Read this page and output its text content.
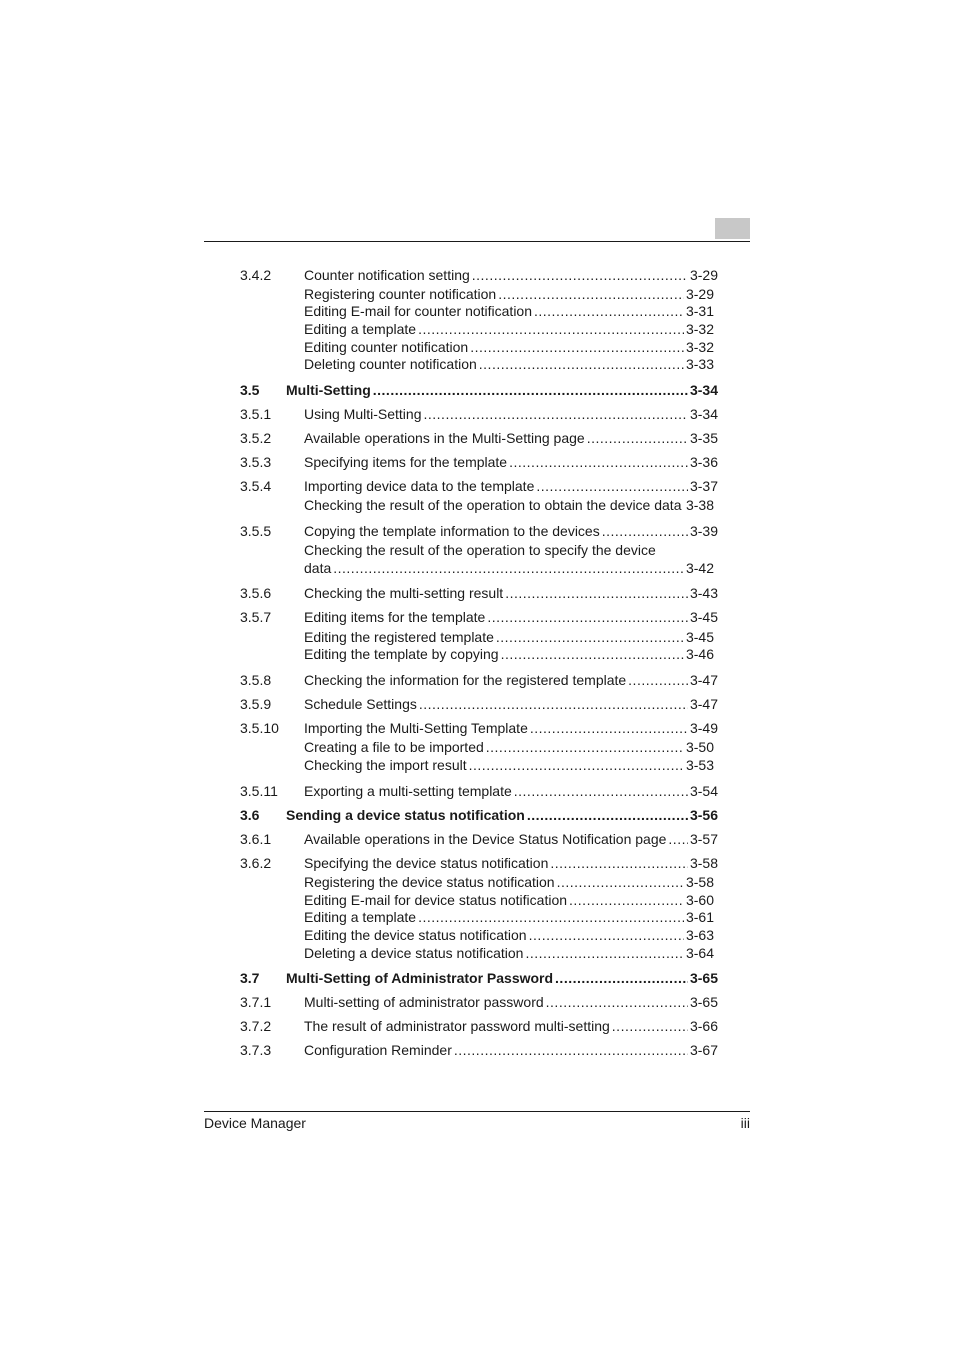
3.4.2 Counter notification setting .....	3-29
Registering counter notification .....	3-29
Editing E-mail for counter notification .....	3-31
Editing a template .....	3-32
Editing counter notification .....	3-32
Deleting counter notification .....	3-33
3.5 Multi-Setting .....	3-34
3.5.1 Using Multi-Setting .....	3-34
3.5.2 Available operations in the Multi-Setting page .....	3-35
3.5.3 Specifying items for the template .....	3-36
3.5.4 Importing device data to the template .....	3-37
Checking the result of the operation to obtain the device data ..... 3-38
3.5.5 Copying the template information to the devices .....	3-39
Checking the result of the operation to specify the device
data .....	3-42
3.5.6 Checking the multi-setting result .....	3-43
3.5.7 Editing items for the template .....	3-45
Editing the registered template .....	3-45
Editing the template by copying .....	3-46
3.5.8 Checking the information for the registered template .....	3-47
3.5.9 Schedule Settings .....	3-47
3.5.10 Importing the Multi-Setting Template .....	3-49
Creating a file to be imported .....	3-50
Checking the import result .....	3-53
3.5.11 Exporting a multi-setting template .....	3-54
3.6 Sending a device status notification .....	3-56
3.6.1 Available operations in the Device Status Notification page ..... 3-57
3.6.2 Specifying the device status notification .....	3-58
Registering the device status notification .....	3-58
Editing E-mail for device status notification .....	3-60
Editing a template .....	3-61
Editing the device status notification .....	3-63
Deleting a device status notification .....	3-64
3.7 Multi-Setting of Administrator Password .....	3-65
3.7.1 Multi-setting of administrator password .....	3-65
3.7.2 The result of administrator password multi-setting .....	3-66
3.7.3 Configuration Reminder .....	3-67
Device Manager	iii
